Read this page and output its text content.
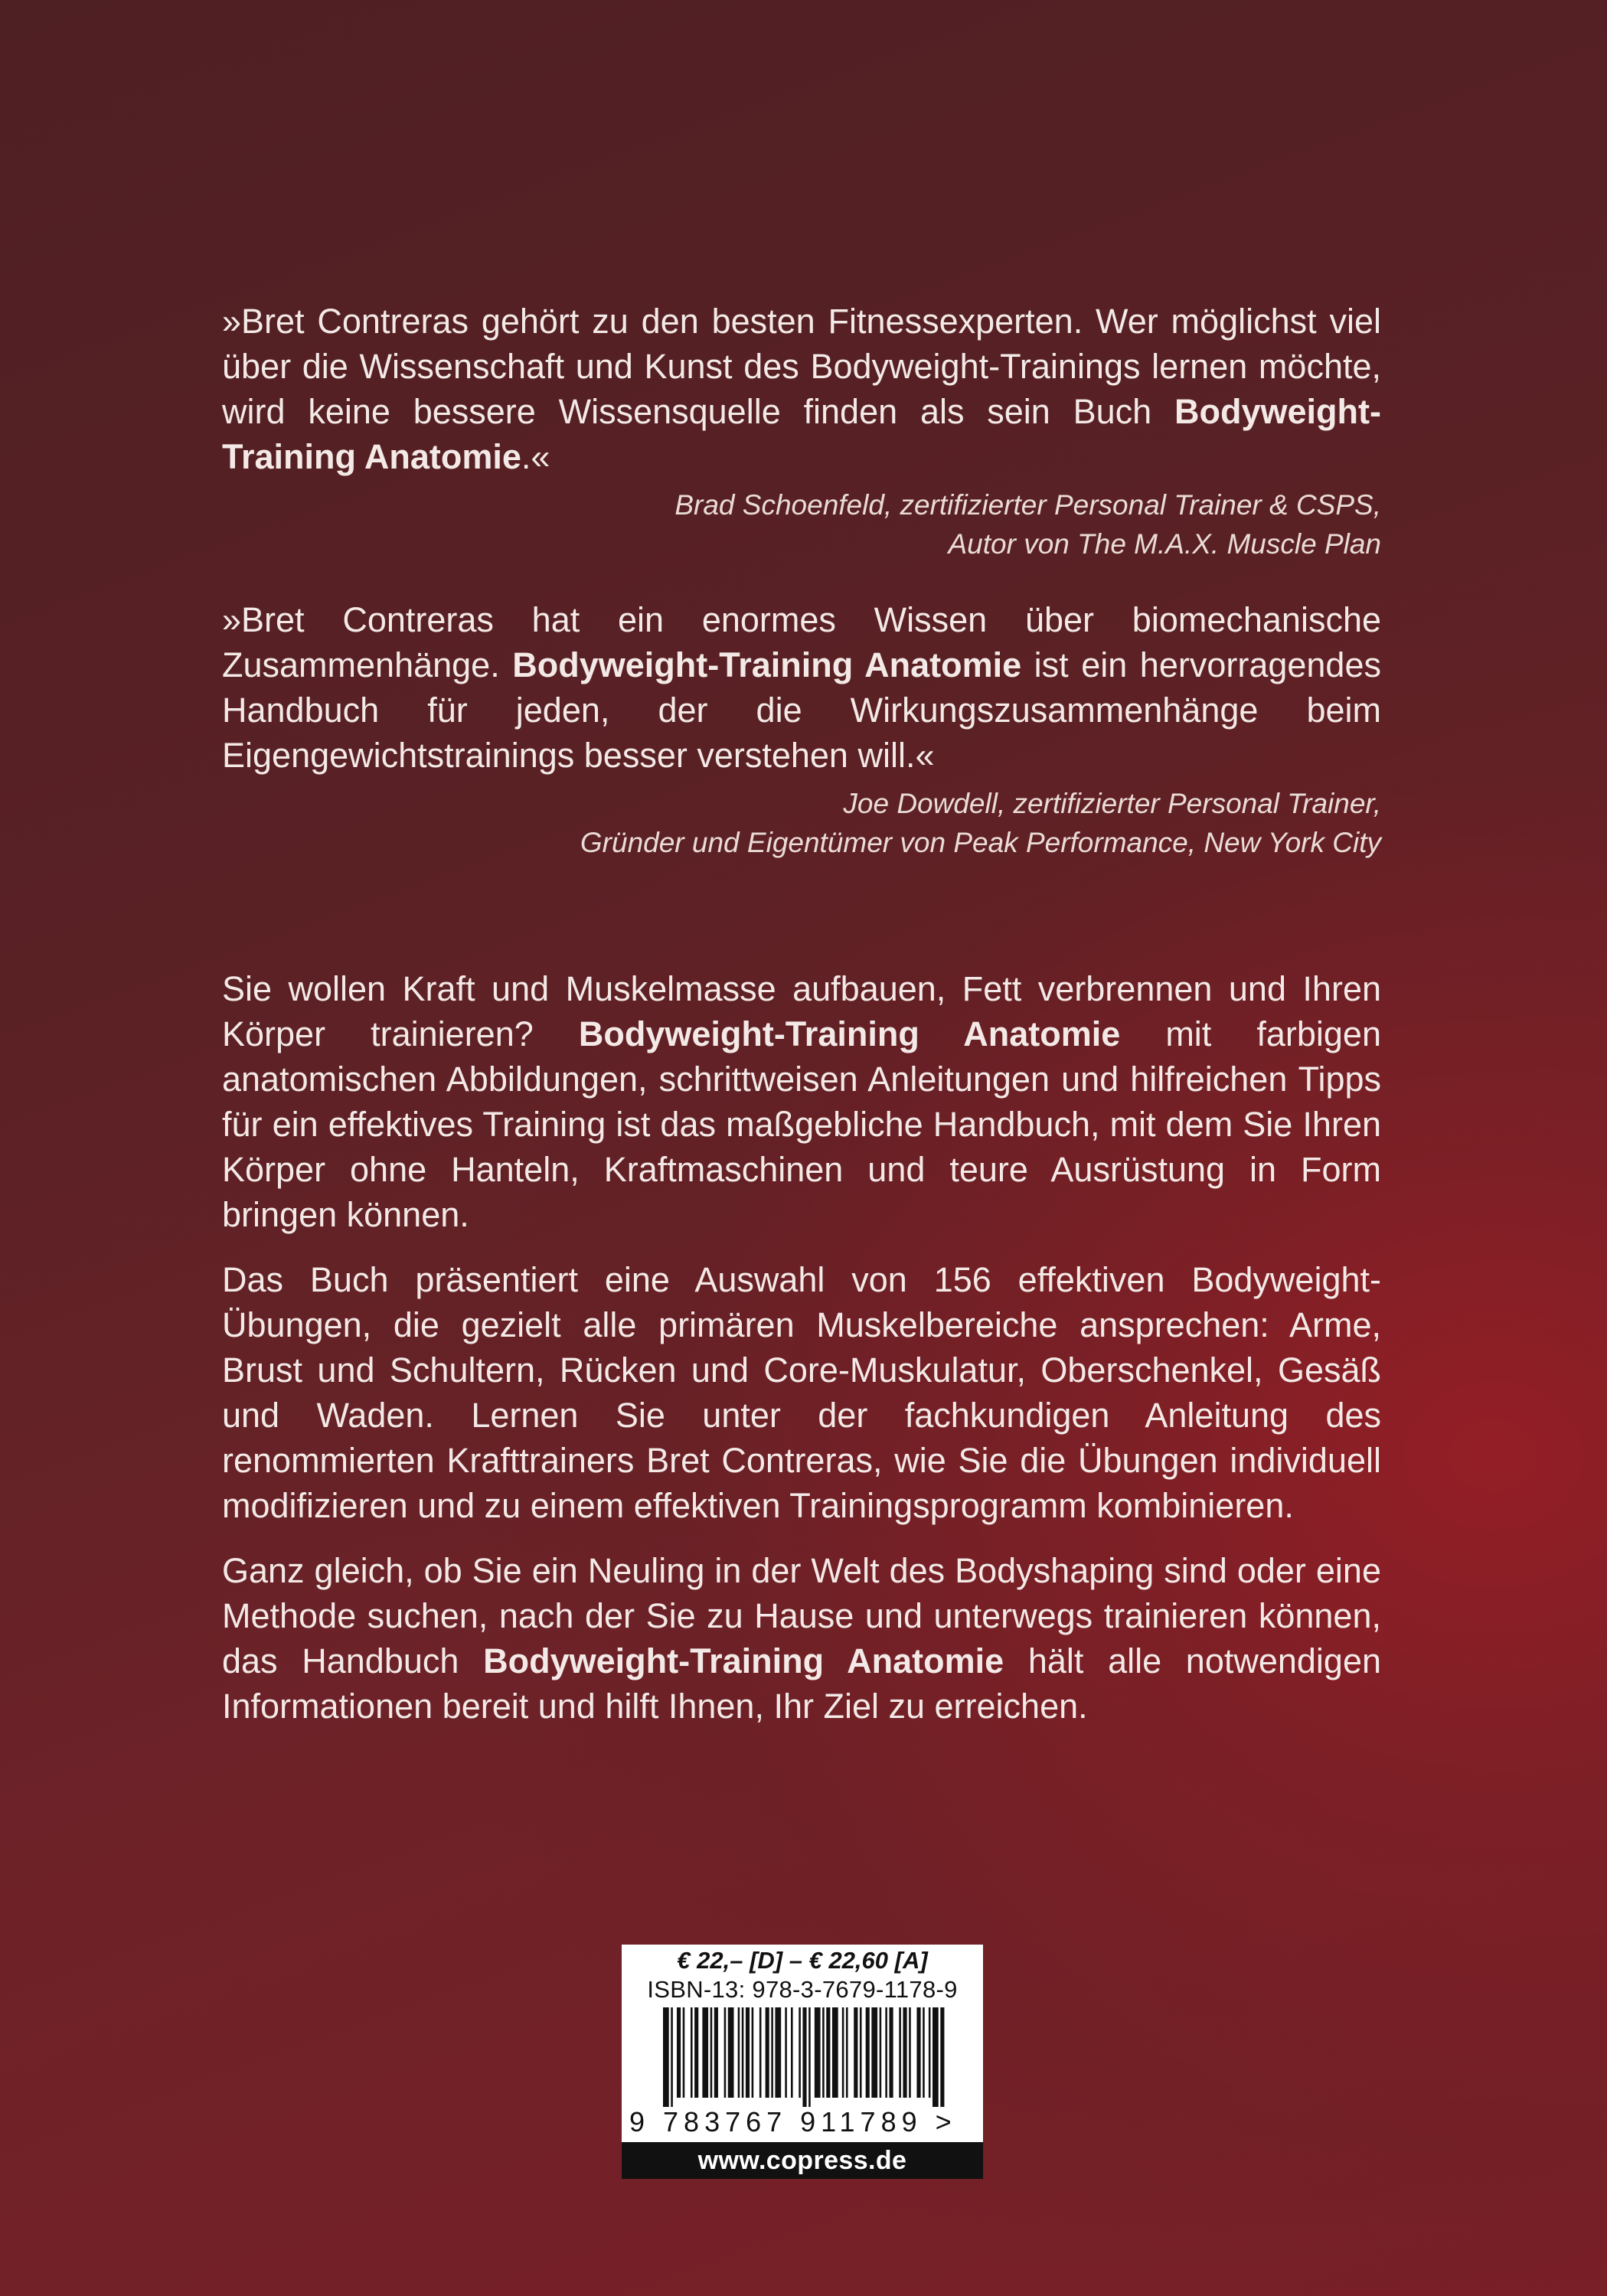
»Bret Contreras gehört zu den besten Fitnessexperten. Wer möglichst viel über die Wissenschaft und Kunst des Bodyweight-Trainings lernen möchte, wird keine bessere Wissensquelle finden als sein Buch Bodyweight-Training Anatomie.«

Brad Schoenfeld, zertifizierter Personal Trainer & CSPS,
Autor von The M.A.X. Muscle Plan

»Bret Contreras hat ein enormes Wissen über biomechanische Zusammenhänge. Bodyweight-Training Anatomie ist ein hervorragendes Handbuch für jeden, der die Wirkungszusammenhänge beim Eigengewichtstrainings besser verstehen will.«

Joe Dowdell, zertifizierter Personal Trainer,
Gründer und Eigentümer von Peak Performance, New York City

Sie wollen Kraft und Muskelmasse aufbauen, Fett verbrennen und Ihren Körper trainieren? Bodyweight-Training Anatomie mit farbigen anatomischen Abbildungen, schrittweisen Anleitungen und hilfreichen Tipps für ein effektives Training ist das maßgebliche Handbuch, mit dem Sie Ihren Körper ohne Hanteln, Kraftmaschinen und teure Ausrüstung in Form bringen können.

Das Buch präsentiert eine Auswahl von 156 effektiven Bodyweight-Übungen, die gezielt alle primären Muskelbereiche ansprechen: Arme, Brust und Schultern, Rücken und Core-Muskulatur, Oberschenkel, Gesäß und Waden. Lernen Sie unter der fachkundigen Anleitung des renommierten Krafttrainers Bret Contreras, wie Sie die Übungen individuell modifizieren und zu einem effektiven Trainingsprogramm kombinieren.

Ganz gleich, ob Sie ein Neuling in der Welt des Bodyshaping sind oder eine Methode suchen, nach der Sie zu Hause und unterwegs trainieren können, das Handbuch Bodyweight-Training Anatomie hält alle notwendigen Informationen bereit und hilft Ihnen, Ihr Ziel zu erreichen.

€ 22,– [D] – € 22,60 [A]
ISBN-13: 978-3-7679-1178-9
9 783767 911789 >
www.copress.de
